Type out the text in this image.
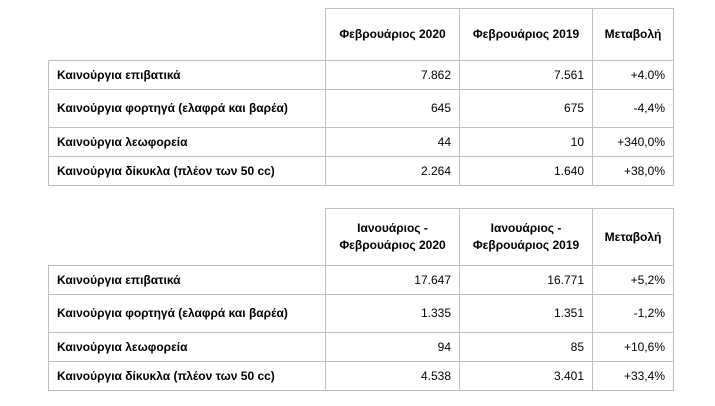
	Φεβρουάριος 2020	Φεβρουάριος 2019	Μεταβολή
Καινούργια επιβατικά	7.862	7.561	+4.0%
Καινούργια φορτηγά (ελαφρά και βαρέα)	645	675	-4,4%
Καινούργια λεωφορεία	44	10	+340,0%
Καινούργια δίκυκλα (πλέον των 50 cc)	2.264	1.640	+38,0%
	Ιανουάριος - Φεβρουάριος 2020	Ιανουάριος - Φεβρουάριος 2019	Μεταβολή
Καινούργια επιβατικά	17.647	16.771	+5,2%
Καινούργια φορτηγά (ελαφρά και βαρέα)	1.335	1.351	-1,2%
Καινούργια λεωφορεία	94	85	+10,6%
Καινούργια δίκυκλα (πλέον των 50 cc)	4.538	3.401	+33,4%
